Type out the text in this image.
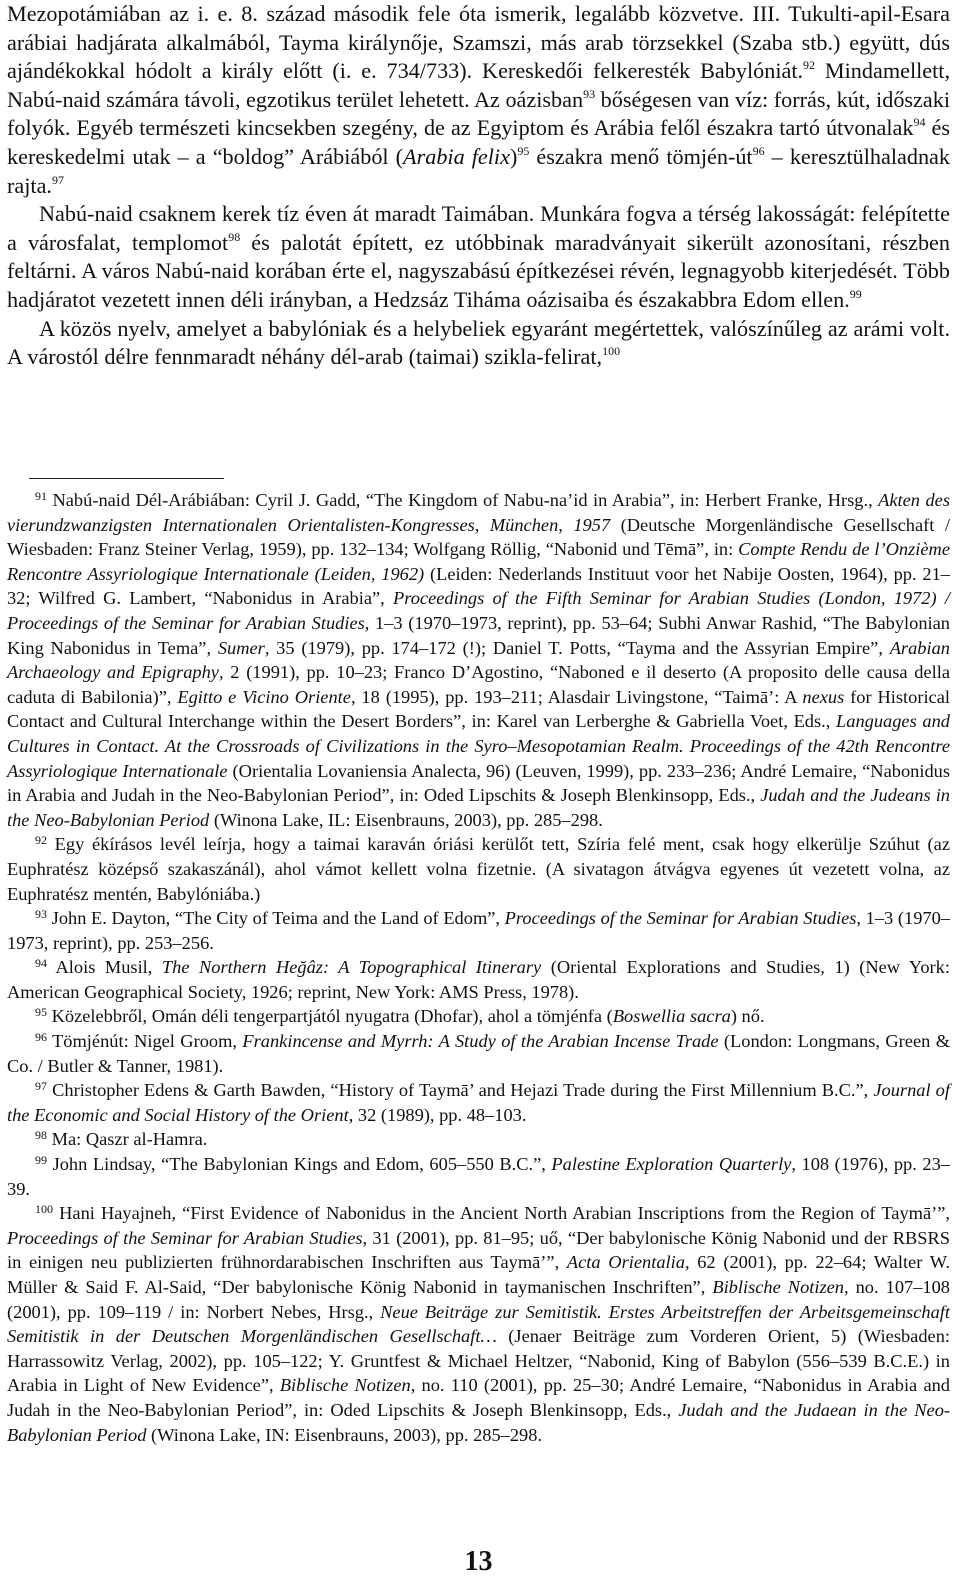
Mezopotámiában az i. e. 8. század második fele óta ismerik, legalább közvetve. III. Tukulti-apil-Esara arábiai hadjárata alkalmából, Tayma királynője, Szamszi, más arab törzsekkel (Szaba stb.) együtt, dús ajándékokkal hódolt a király előtt (i. e. 734/733). Kereskedői felkeresték Babylóniát.$^{92}$ Mindamellett, Nabú-naid számára távoli, egzotikus terület lehetett. Az oázisban$^{93}$ bőségesen van víz: forrás, kút, időszaki folyók. Egyéb természeti kincsekben szegény, de az Egyiptom és Arábia felől északra tartó útvonalak$^{94}$ és kereskedelmi utak – a “boldog” Arábiából (Arabia felix)$^{95}$ északra menő tömjén-út$^{96}$ – keresztülhaladnak rajta.$^{97}$

Nabú-naid csaknem kerek tíz éven át maradt Taimában. Munkára fogva a térség lakosságát: felépítette a városfalat, templomot$^{98}$ és palotát épített, ez utóbbinak maradványait sikerült azonosítani, részben feltárni. A város Nabú-naid korában érte el, nagyszabású építkezései révén, legnagyobb kiterjedését. Több hadjáratot vezetett innen déli irányban, a Hedzsáz Tiháma oázisaiba és északabbra Edom ellen.$^{99}$

A közös nyelv, amelyet a babylóniak és a helybeliek egyaránt megértettek, valószínűleg az arámi volt. A várostól délre fennmaradt néhány dél-arab (taimai) szikla-felirat,$^{100}$

$^{91}$ Nabú-naid Dél-Arábiában: Cyril J. Gadd, “The Kingdom of Nabu-na’id in Arabia”, in: Herbert Franke, Hrsg., Akten des vierundzwanzigsten Internationalen Orientalisten-Kongresses, München, 1957 (Deutsche Morgenländische Gesellschaft / Wiesbaden: Franz Steiner Verlag, 1959), pp. 132–134; Wolfgang Röllig, “Nabonid und Tēmā”, in: Compte Rendu de l’Onzième Rencontre Assyriologique Internationale (Leiden, 1962) (Leiden: Nederlands Instituut voor het Nabije Oosten, 1964), pp. 21–32; Wilfred G. Lambert, “Nabonidus in Arabia”, Proceedings of the Fifth Seminar for Arabian Studies (London, 1972) / Proceedings of the Seminar for Arabian Studies, 1–3 (1970–1973, reprint), pp. 53–64; Subhi Anwar Rashid, “The Babylonian King Nabonidus in Tema”, Sumer, 35 (1979), pp. 174–172 (!); Daniel T. Potts, “Tayma and the Assyrian Empire”, Arabian Archaeology and Epigraphy, 2 (1991), pp. 10–23; Franco D’Agostino, “Naboned e il deserto (A proposito delle causa della caduta di Babilonia)”, Egitto e Vicino Oriente, 18 (1995), pp. 193–211; Alasdair Livingstone, “Taimā’: A nexus for Historical Contact and Cultural Interchange within the Desert Borders”, in: Karel van Lerberghe & Gabriella Voet, Eds., Languages and Cultures in Contact. At the Crossroads of Civilizations in the Syro–Mesopotamian Realm. Proceedings of the 42th Rencontre Assyriologique Internationale (Orientalia Lovaniensia Analecta, 96) (Leuven, 1999), pp. 233–236; André Lemaire, “Nabonidus in Arabia and Judah in the Neo-Babylonian Period”, in: Oded Lipschits & Joseph Blenkinsopp, Eds., Judah and the Judeans in the Neo-Babylonian Period (Winona Lake, IL: Eisenbrauns, 2003), pp. 285–298.

$^{92}$ Egy ékírásos levél leírja, hogy a taimai karaván óriási kerülőt tett, Szíria felé ment, csak hogy elkerülje Szúhut (az Euphratész középső szakaszánál), ahol vámot kellett volna fizetnie. (A sivatagon átvágva egyenes út vezetett volna, az Euphratész mentén, Babylóniába.)

$^{93}$ John E. Dayton, “The City of Teima and the Land of Edom”, Proceedings of the Seminar for Arabian Studies, 1–3 (1970–1973, reprint), pp. 253–256.

$^{94}$ Alois Musil, The Northern Heğâz: A Topographical Itinerary (Oriental Explorations and Studies, 1) (New York: American Geographical Society, 1926; reprint, New York: AMS Press, 1978).

$^{95}$ Közelebbről, Omán déli tengerpartjától nyugatra (Dhofar), ahol a tömjénfa (Boswellia sacra) nő.

$^{96}$ Tömjénút: Nigel Groom, Frankincense and Myrrh: A Study of the Arabian Incense Trade (London: Longmans, Green & Co. / Butler & Tanner, 1981).

$^{97}$ Christopher Edens & Garth Bawden, “History of Taymā’ and Hejazi Trade during the First Millennium B.C.”, Journal of the Economic and Social History of the Orient, 32 (1989), pp. 48–103.

$^{98}$ Ma: Qaszr al-Hamra.

$^{99}$ John Lindsay, “The Babylonian Kings and Edom, 605–550 B.C.”, Palestine Exploration Quarterly, 108 (1976), pp. 23–39.

$^{100}$ Hani Hayajneh, “First Evidence of Nabonidus in the Ancient North Arabian Inscriptions from the Region of Taymā’”, Proceedings of the Seminar for Arabian Studies, 31 (2001), pp. 81–95; uő, “Der babylonische König Nabonid und der RBSRS in einigen neu publizierten frühnordarabischen Inschriften aus Taymā’”, Acta Orientalia, 62 (2001), pp. 22–64; Walter W. Müller & Said F. Al-Said, “Der babylonische König Nabonid in taymanischen Inschriften”, Biblische Notizen, no. 107–108 (2001), pp. 109–119 / in: Norbert Nebes, Hrsg., Neue Beiträge zur Semitistik. Erstes Arbeitstreffen der Arbeitsgemeinschaft Semitistik in der Deutschen Morgenländischen Gesellschaft… (Jenaer Beiträge zum Vorderen Orient, 5) (Wiesbaden: Harrassowitz Verlag, 2002), pp. 105–122; Y. Gruntfest & Michael Heltzer, “Nabonid, King of Babylon (556–539 B.C.E.) in Arabia in Light of New Evidence”, Biblische Notizen, no. 110 (2001), pp. 25–30; André Lemaire, “Nabonidus in Arabia and Judah in the Neo-Babylonian Period”, in: Oded Lipschits & Joseph Blenkinsopp, Eds., Judah and the Judaean in the Neo-Babylonian Period (Winona Lake, IN: Eisenbrauns, 2003), pp. 285–298.

13
